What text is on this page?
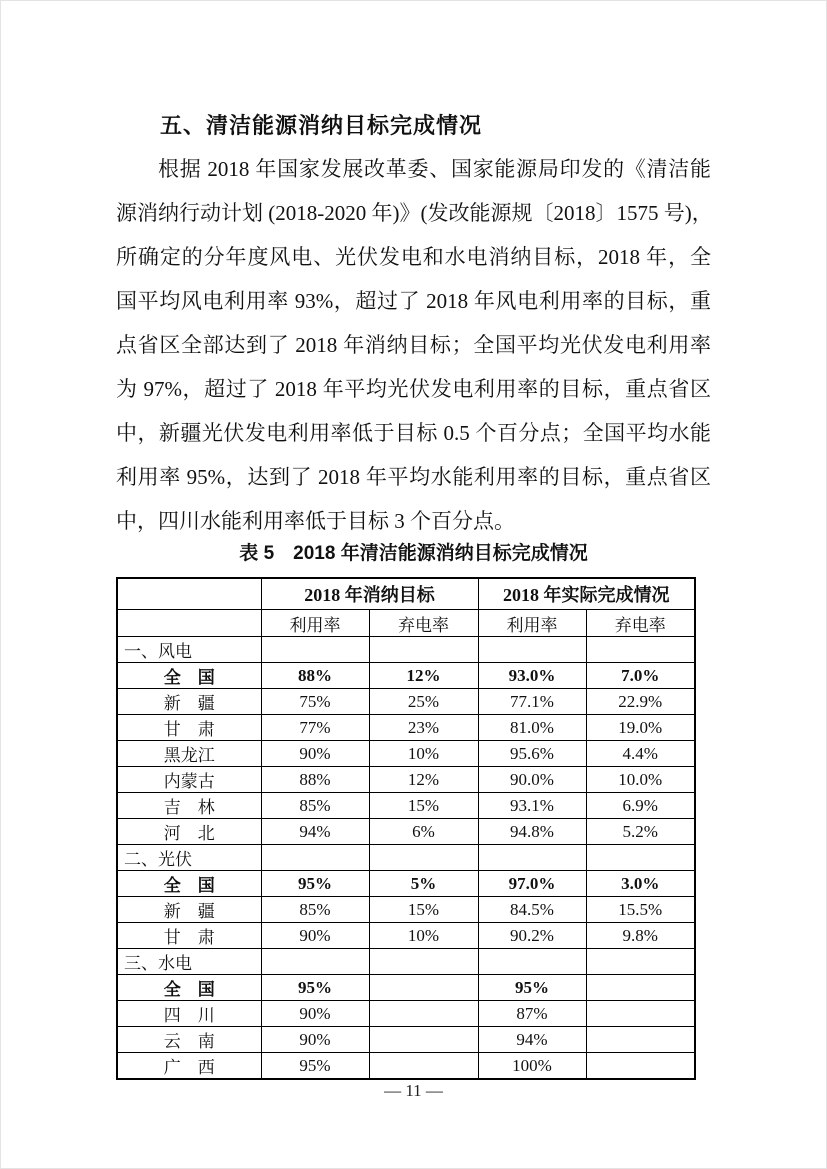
五、清洁能源消纳目标完成情况
根据 2018 年国家发展改革委、国家能源局印发的《清洁能
源消纳行动计划 (2018-2020 年)》(发改能源规〔2018〕1575 号)，
所确定的分年度风电、光伏发电和水电消纳目标，2018 年，全
国平均风电利用率 93%，超过了 2018 年风电利用率的目标，重
点省区全部达到了 2018 年消纳目标；全国平均光伏发电利用率
为 97%，超过了 2018 年平均光伏发电利用率的目标，重点省区
中，新疆光伏发电利用率低于目标 0.5 个百分点；全国平均水能
利用率 95%，达到了 2018 年平均水能利用率的目标，重点省区
中，四川水能利用率低于目标 3 个百分点。
表 5　2018 年清洁能源消纳目标完成情况
	2018 年消纳目标		2018 年实际完成情况	
	利用率	弃电率	利用率	弃电率
一、风电				
全　国	88%	12%	93.0%	7.0%
新　疆	75%	25%	77.1%	22.9%
甘　肃	77%	23%	81.0%	19.0%
黑龙江	90%	10%	95.6%	4.4%
内蒙古	88%	12%	90.0%	10.0%
吉　林	85%	15%	93.1%	6.9%
河　北	94%	6%	94.8%	5.2%
二、光伏				
全　国	95%	5%	97.0%	3.0%
新　疆	85%	15%	84.5%	15.5%
甘　肃	90%	10%	90.2%	9.8%
三、水电				
全　国	95%		95%	
四　川	90%		87%	
云　南	90%		94%	
广　西	95%		100%	
— 11 —
